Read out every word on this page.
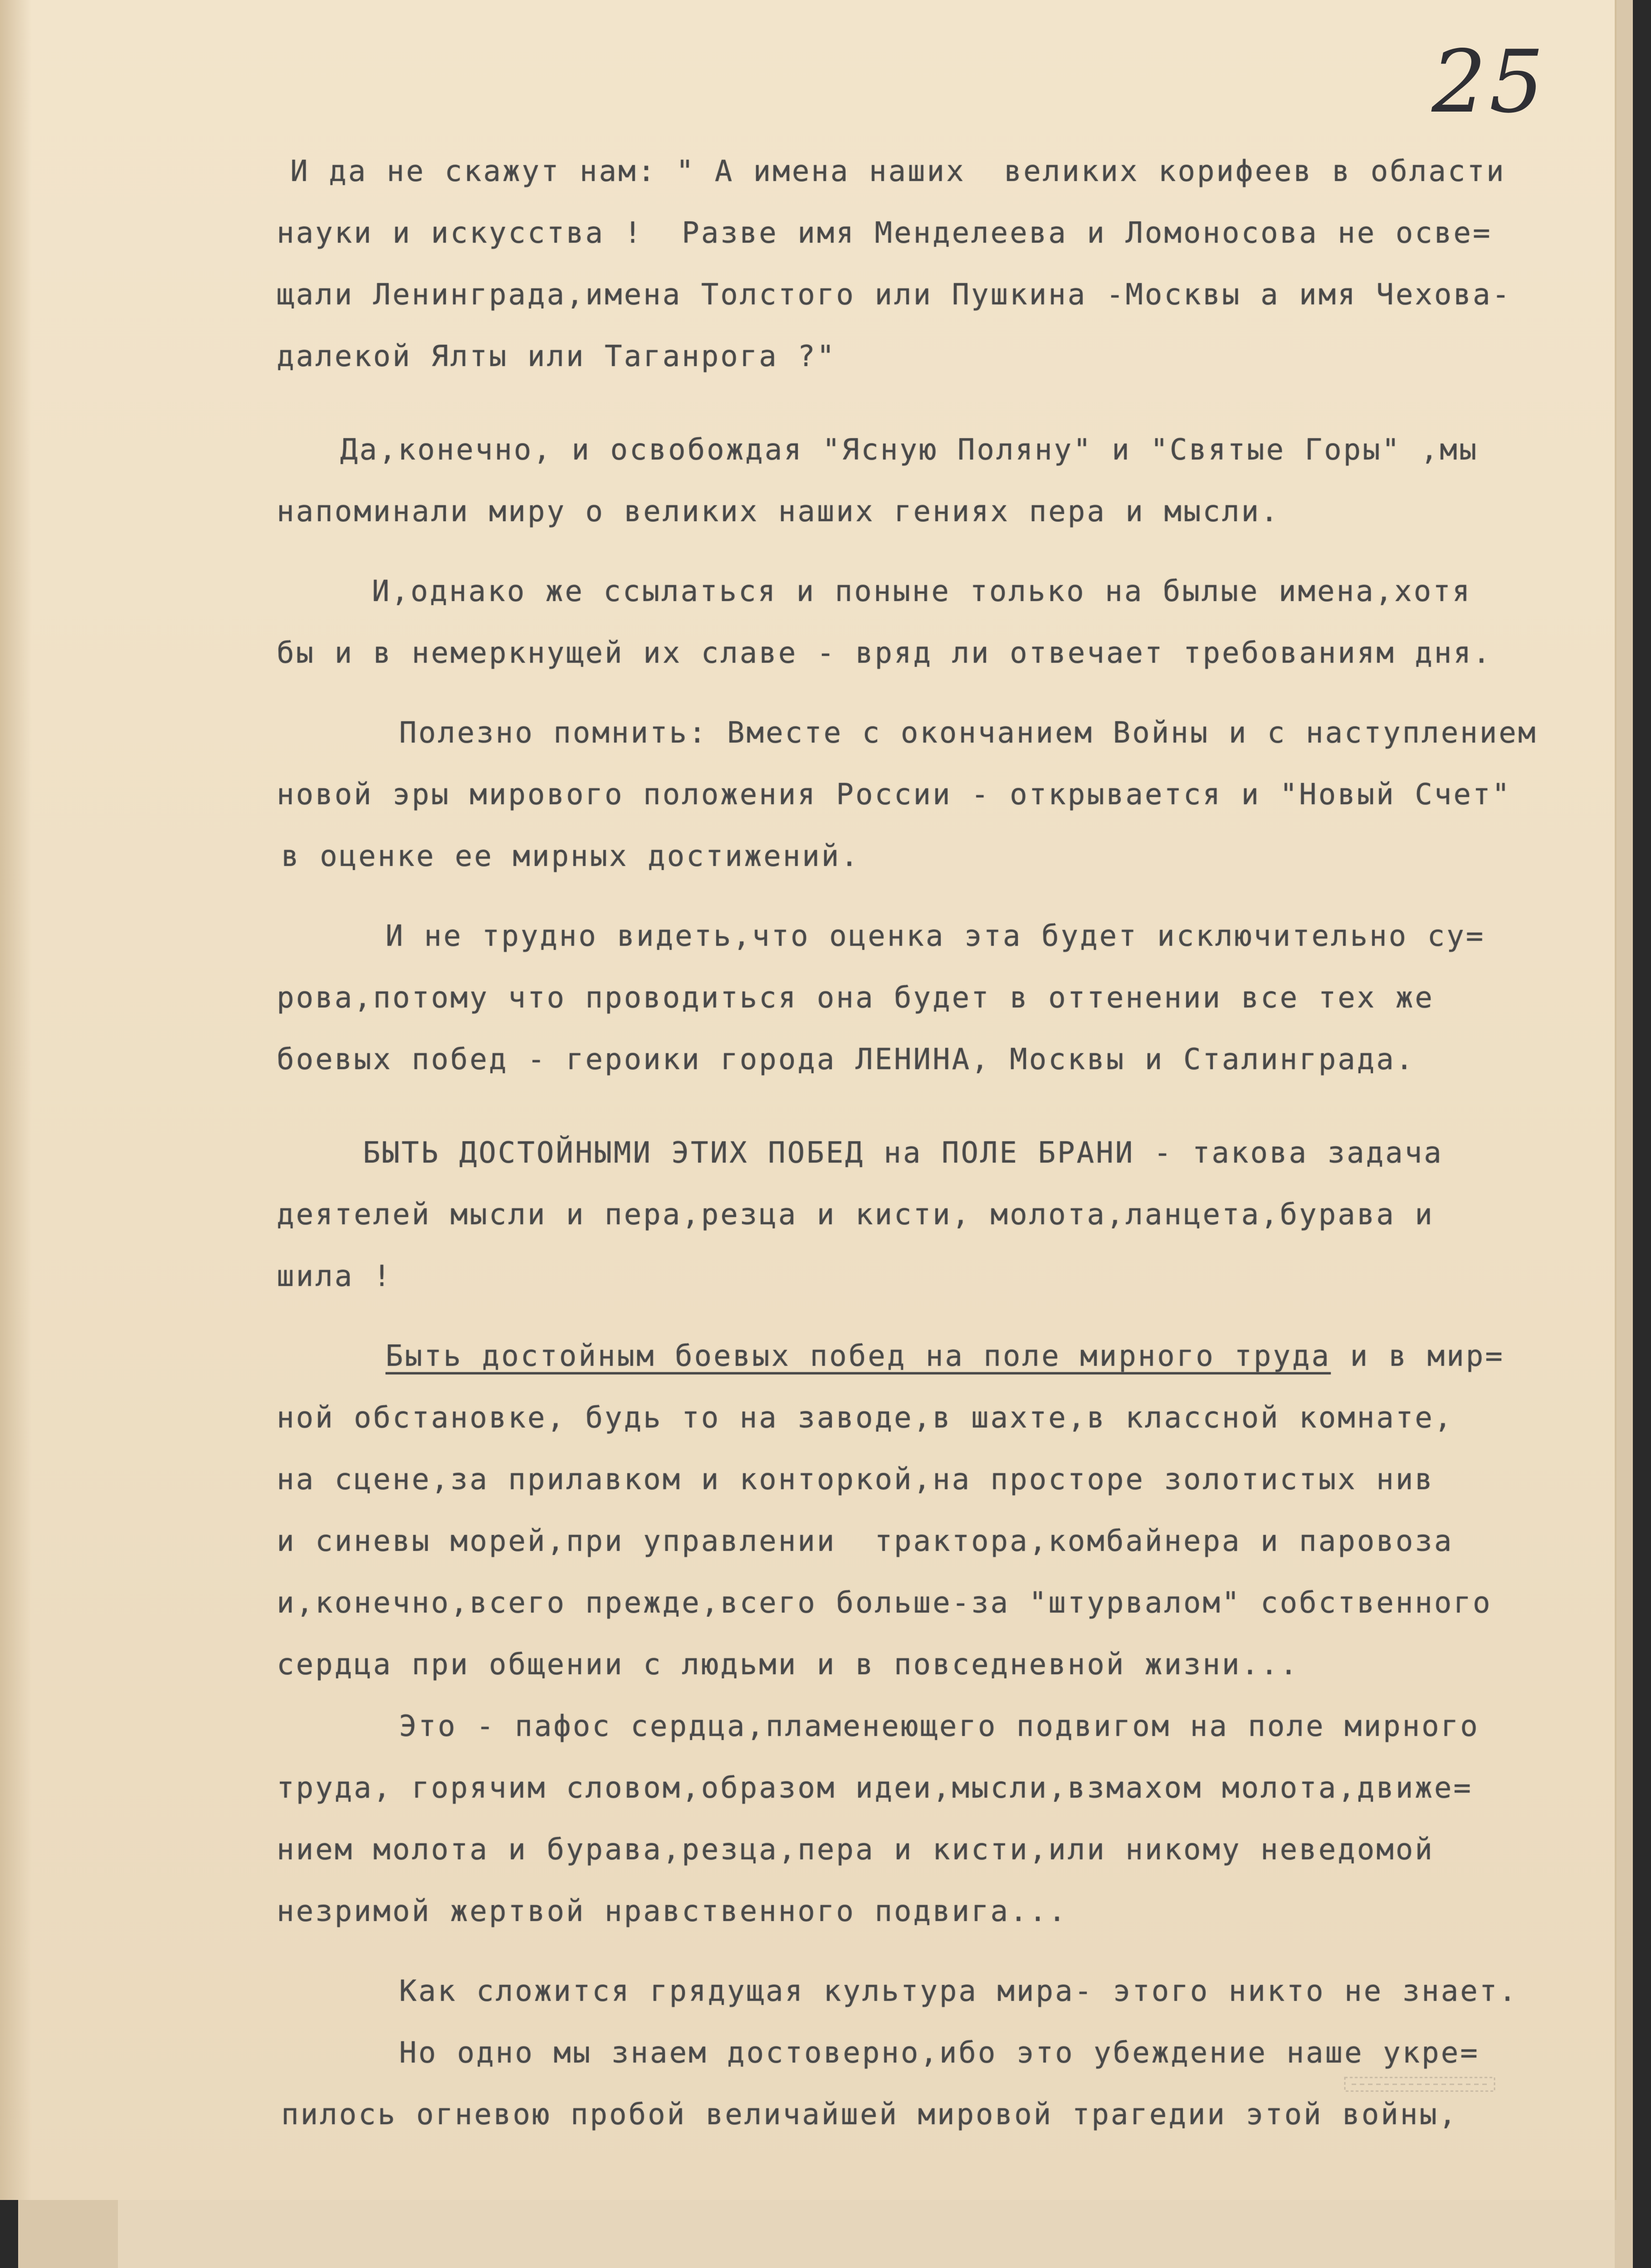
25
И да не скажут нам: " А имена наших  великих корифеев в области
науки и искусства !  Разве имя Менделеева и Ломоносова не осве=
щали Ленинграда,имена Толстого или Пушкина -Москвы а имя Чехова-
далекой Ялты или Таганрога ?"
Да,конечно, и освобождая "Ясную Поляну" и "Святые Горы" ,мы
напоминали миру о великих наших гениях пера и мысли.
И,однако же ссылаться и поныне только на былые имена,хотя
бы и в немеркнущей их славе - вряд ли отвечает требованиям дня.
Полезно помнить: Вместе с окончанием Войны и с наступлением
новой эры мирового положения России - открывается и "Новый Счет"
в оценке ее мирных достижений.
И не трудно видеть,что оценка эта будет исключительно су=
рова,потому что проводиться она будет в оттенении все тех же
боевых побед - героики города ЛЕНИНА, Москвы и Сталинграда.
БЫТЬ ДОСТОЙНЫМИ ЭТИХ ПОБЕД на ПОЛЕ БРАНИ - такова задача
деятелей мысли и пера,резца и кисти, молота,ланцета,бурава и
шила !
Быть достойным боевых побед на поле мирного труда и в мир=
ной обстановке, будь то на заводе,в шахте,в классной комнате,
на сцене,за прилавком и конторкой,на просторе золотистых нив
и синевы морей,при управлении  трактора,комбайнера и паровоза
и,конечно,всего прежде,всего больше-за "штурвалом" собственного
сердца при общении с людьми и в повседневной жизни...
Это - пафос сердца,пламенеющего подвигом на поле мирного
труда, горячим словом,образом идеи,мысли,взмахом молота,движе=
нием молота и бурава,резца,пера и кисти,или никому неведомой
незримой жертвой нравственного подвига...
Как сложится грядущая культура мира- этого никто не знает.
Но одно мы знаем достоверно,ибо это убеждение наше укре=
пилось огневою пробой величайшей мировой трагедии этой войны,
